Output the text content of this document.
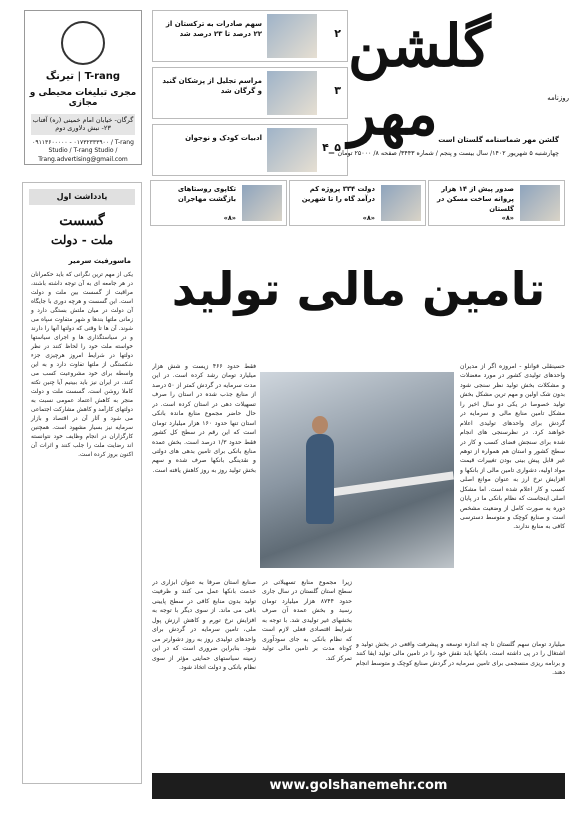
تیرنگ | T-rang
مجری تبلیغات محیطی و مجازی
گرگان- خیابان امام خمینی (ره) آفتاب ۲۳- نبش دلاوری دوم
۰۹۱۱۳۶۰۰۰۰۰ - ۰۱۷۳۲۳۳۳۹۰۰ / T-rang Studio / T-rang Studio / Trang.advertising@gmail.com
۲
سهم صادرات به ترکستان از ۲۲ درصد تا ۲۳ درصد شد
۳
مراسم تجلیل از پزشکان گنبد و گرگان شد
۴_۵
ادبیات کودک و نوجوان
گلشن مهر	روزنامه
گلشن مهر شماسنامه گلستان است
چهارشنبه ۵ شهریور ۱۴۰۲/ سال بیست و پنجم / شماره ۳۴۴۳/ صفحه ۸/ ۲۵۰۰۰ تومان
صدور پیش از ۱۴ هزار پروانه ساخت مسکن در گلستان
«۸»
دولت ۳۳۴ پروژه کم درآمد گاه را تا شهرین
«۸»
تکاپوی روستاهای بازگشت مهاجران
«۸»
یادداشت اول
گسست
ملت - دولت
ماسورفیث سرمیر
یکی از مهم ترین نگرانی که باید حکمرانان در هر جامعه ای به آن توجه داشته باشند، مراقبت از گسست بین ملت و دولت است. این گسست و هرچه دوری با جایگاه آن دولت در میان ملتش بستگی دارد و زمانی ملتها بندها و شهر متفاوت سپاه می شوند. آن ها تا وقتی که دولتها آنها را دارند و در سیاستگذاری ها و اجرای سیاستها خواسته ملت خود را لحاظ کنند در نظر دولتها در شرایط امروز هرچیزی جزء شکستگی از ملتها تفاوت دارد و به این واسطه برای خود مشروعیت کسب می کنند. در ایران نیز باید ببینیم آیا چنین نکته کاملا روشن است. گسست ملت و دولت منجر به کاهش اعتماد عمومی نسبت به دولتهای کارآمد و کاهش مشارکت اجتماعی می شود و آثار آن در اقتصاد و بازار سرمایه نیز بسیار مشهود است. همچنین کارگزاران در انجام وظایف خود نتوانسته اند رضایت ملت را جلب کنند و اثرات آن اکنون بروز کرده است.
تامین مالی تولید
حسینقلی قوانلو - امروزه اگر از مدیران واحدهای تولیدی کشور در مورد معضلات و مشکلات بخش تولید نظر سنجی شود بدون شک اولین و مهم ترین مشکل بخش تولید خصوصا در یکی دو سال اخیر را مشکل تامین منابع مالی و سرمایه در گردش برای واحدهای تولیدی اعلام خواهند کرد. در نظرسنجی های انجام شده برای سنجش فضای کسب و کار در سطح کشور و استان هم همواره از توهم غیر قابل پیش بینی بودن تغییرات قیمت مواد اولیه، دشواری تامین مالی از بانکها و افزایش نرخ ارز به عنوان موانع اصلی کسب و کار اعلام شده است. اما مشکل اصلی اینجاست که نظام بانکی ما در پایان دوره به صورت کامل از وضعیت مشخص است و صنایع کوچک و متوسط دسترسی کافی به منابع ندارند.
فقط حدود ۴۶۶ زیست و شش هزار میلیارد تومان رشد کرده است. در این مدت سرمایه در گردش کمتر از ۵۰ درصد از منابع جذب شده در استان را صرف تسهیلات دهی در استان کرده است. در حال حاضر مجموع منابع مانده بانکی استان تنها حدود ۱۶۰ هزار میلیارد تومان است که این رقم در سطح کل کشور فقط حدود ۱/۳ درصد است. بخش عمده منابع بانکی برای تامین بدهی های دولتی و نقدینگی بانکها صرف شده و سهم بخش تولید روز به روز کاهش یافته است.
صنایع استان صرفا به عنوان ابزاری در خدمت بانکها عمل می کنند و ظرفیت تولید بدون منابع کافی در سطح پایینی باقی می ماند. از سوی دیگر با توجه به افزایش نرخ تورم و کاهش ارزش پول ملی، تامین سرمایه در گردش برای واحدهای تولیدی روز به روز دشوارتر می شود. بنابراین ضروری است که در این زمینه سیاستهای حمایتی مؤثر از سوی نظام بانکی و دولت اتخاذ شود.
میلیارد تومان سهم گلستان تا چه اندازه توسعه و پیشرفت واقعی در بخش تولید و اشتغال را در پی داشته است. بانکها باید نقش خود را در تامین مالی تولید ایفا کنند و برنامه ریزی منسجمی برای تامین سرمایه در گردش صنایع کوچک و متوسط انجام دهند.
زیرا مجموع منابع تسهیلاتی در سطح استان گلستان در سال جاری حدود ۸۷۴۴ هزار میلیارد تومان رسید و بخش عمده آن صرف بخشهای غیر تولیدی شد. با توجه به شرایط اقتصادی فعلی لازم است که نظام بانکی به جای سودآوری کوتاه مدت بر تامین مالی تولید تمرکز کند.
www.golshanemehr.com
